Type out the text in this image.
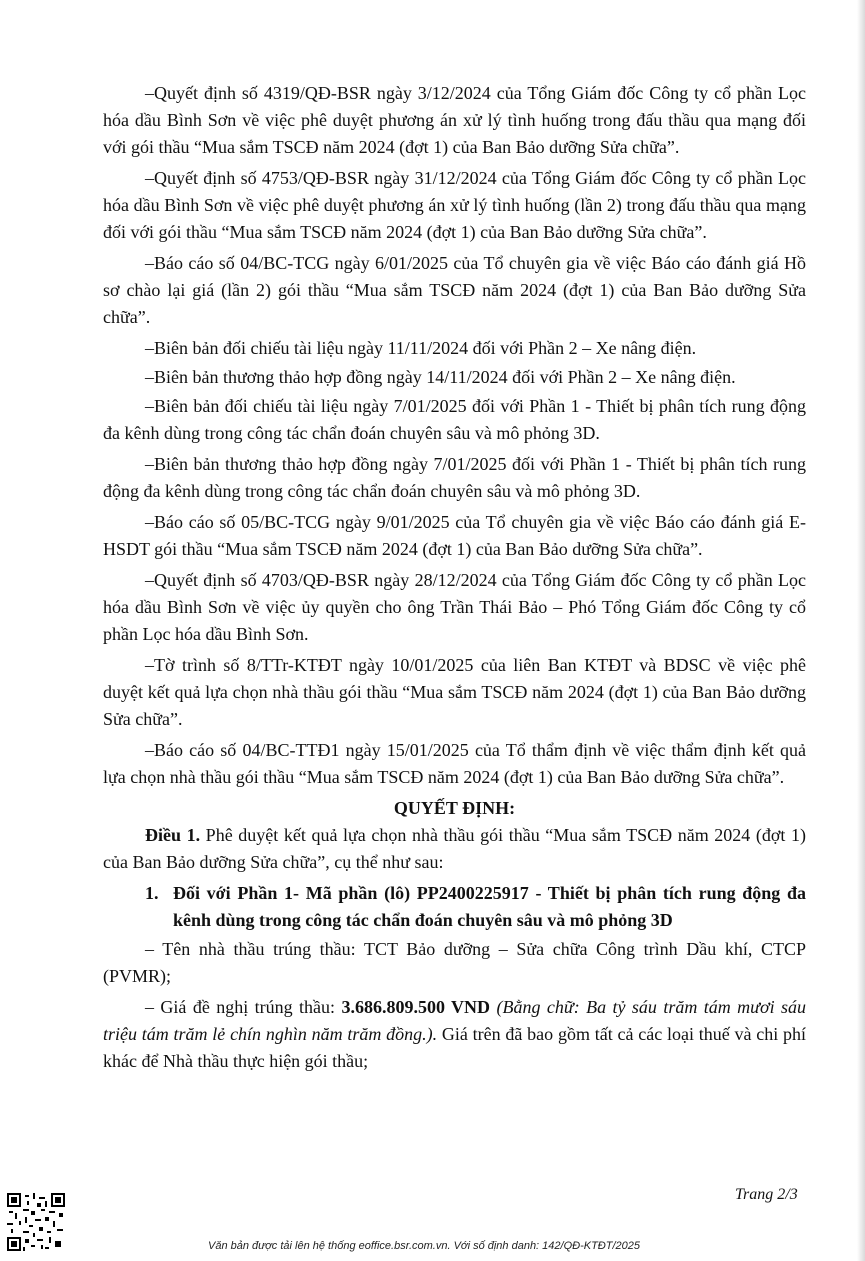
–Quyết định số 4319/QĐ-BSR ngày 3/12/2024 của Tổng Giám đốc Công ty cổ phần Lọc hóa dầu Bình Sơn về việc phê duyệt phương án xử lý tình huống trong đấu thầu qua mạng đối với gói thầu “Mua sắm TSCĐ năm 2024 (đợt 1) của Ban Bảo dưỡng Sửa chữa”.

–Quyết định số 4753/QĐ-BSR ngày 31/12/2024 của Tổng Giám đốc Công ty cổ phần Lọc hóa dầu Bình Sơn về việc phê duyệt phương án xử lý tình huống (lần 2) trong đấu thầu qua mạng đối với gói thầu “Mua sắm TSCĐ năm 2024 (đợt 1) của Ban Bảo dưỡng Sửa chữa”.

–Báo cáo số 04/BC-TCG ngày 6/01/2025 của Tổ chuyên gia về việc Báo cáo đánh giá Hồ sơ chào lại giá (lần 2) gói thầu “Mua sắm TSCĐ năm 2024 (đợt 1) của Ban Bảo dưỡng Sửa chữa”.

–Biên bản đối chiếu tài liệu ngày 11/11/2024 đối với Phần 2 – Xe nâng điện.

–Biên bản thương thảo hợp đồng ngày 14/11/2024 đối với Phần 2 – Xe nâng điện.

–Biên bản đối chiếu tài liệu ngày 7/01/2025 đối với Phần 1 - Thiết bị phân tích rung động đa kênh dùng trong công tác chẩn đoán chuyên sâu và mô phỏng 3D.

–Biên bản thương thảo hợp đồng ngày 7/01/2025 đối với Phần 1 - Thiết bị phân tích rung động đa kênh dùng trong công tác chẩn đoán chuyên sâu và mô phỏng 3D.

–Báo cáo số 05/BC-TCG ngày 9/01/2025 của Tổ chuyên gia về việc Báo cáo đánh giá E-HSDT gói thầu “Mua sắm TSCĐ năm 2024 (đợt 1) của Ban Bảo dưỡng Sửa chữa”.

–Quyết định số 4703/QĐ-BSR ngày 28/12/2024 của Tổng Giám đốc Công ty cổ phần Lọc hóa dầu Bình Sơn về việc ủy quyền cho ông Trần Thái Bảo – Phó Tổng Giám đốc Công ty cổ phần Lọc hóa dầu Bình Sơn.

–Tờ trình số 8/TTr-KTĐT ngày 10/01/2025 của liên Ban KTĐT và BDSC về việc phê duyệt kết quả lựa chọn nhà thầu gói thầu “Mua sắm TSCĐ năm 2024 (đợt 1) của Ban Bảo dưỡng Sửa chữa”.

–Báo cáo số 04/BC-TTĐ1 ngày 15/01/2025 của Tổ thẩm định về việc thẩm định kết quả lựa chọn nhà thầu gói thầu “Mua sắm TSCĐ năm 2024 (đợt 1) của Ban Bảo dưỡng Sửa chữa”.

QUYẾT ĐỊNH:

Điều 1. Phê duyệt kết quả lựa chọn nhà thầu gói thầu “Mua sắm TSCĐ năm 2024 (đợt 1) của Ban Bảo dưỡng Sửa chữa”, cụ thể như sau:

1. Đối với Phần 1- Mã phần (lô) PP2400225917 - Thiết bị phân tích rung động đa kênh dùng trong công tác chẩn đoán chuyên sâu và mô phỏng 3D

– Tên nhà thầu trúng thầu: TCT Bảo dưỡng – Sửa chữa Công trình Dầu khí, CTCP (PVMR);

– Giá đề nghị trúng thầu: 3.686.809.500 VND (Bằng chữ: Ba tỷ sáu trăm tám mươi sáu triệu tám trăm lẻ chín nghìn năm trăm đồng.). Giá trên đã bao gồm tất cả các loại thuế và chi phí khác để Nhà thầu thực hiện gói thầu;

Trang 2/3
Văn bản được tải lên hệ thống eoffice.bsr.com.vn. Với số định danh: 142/QĐ-KTĐT/2025
